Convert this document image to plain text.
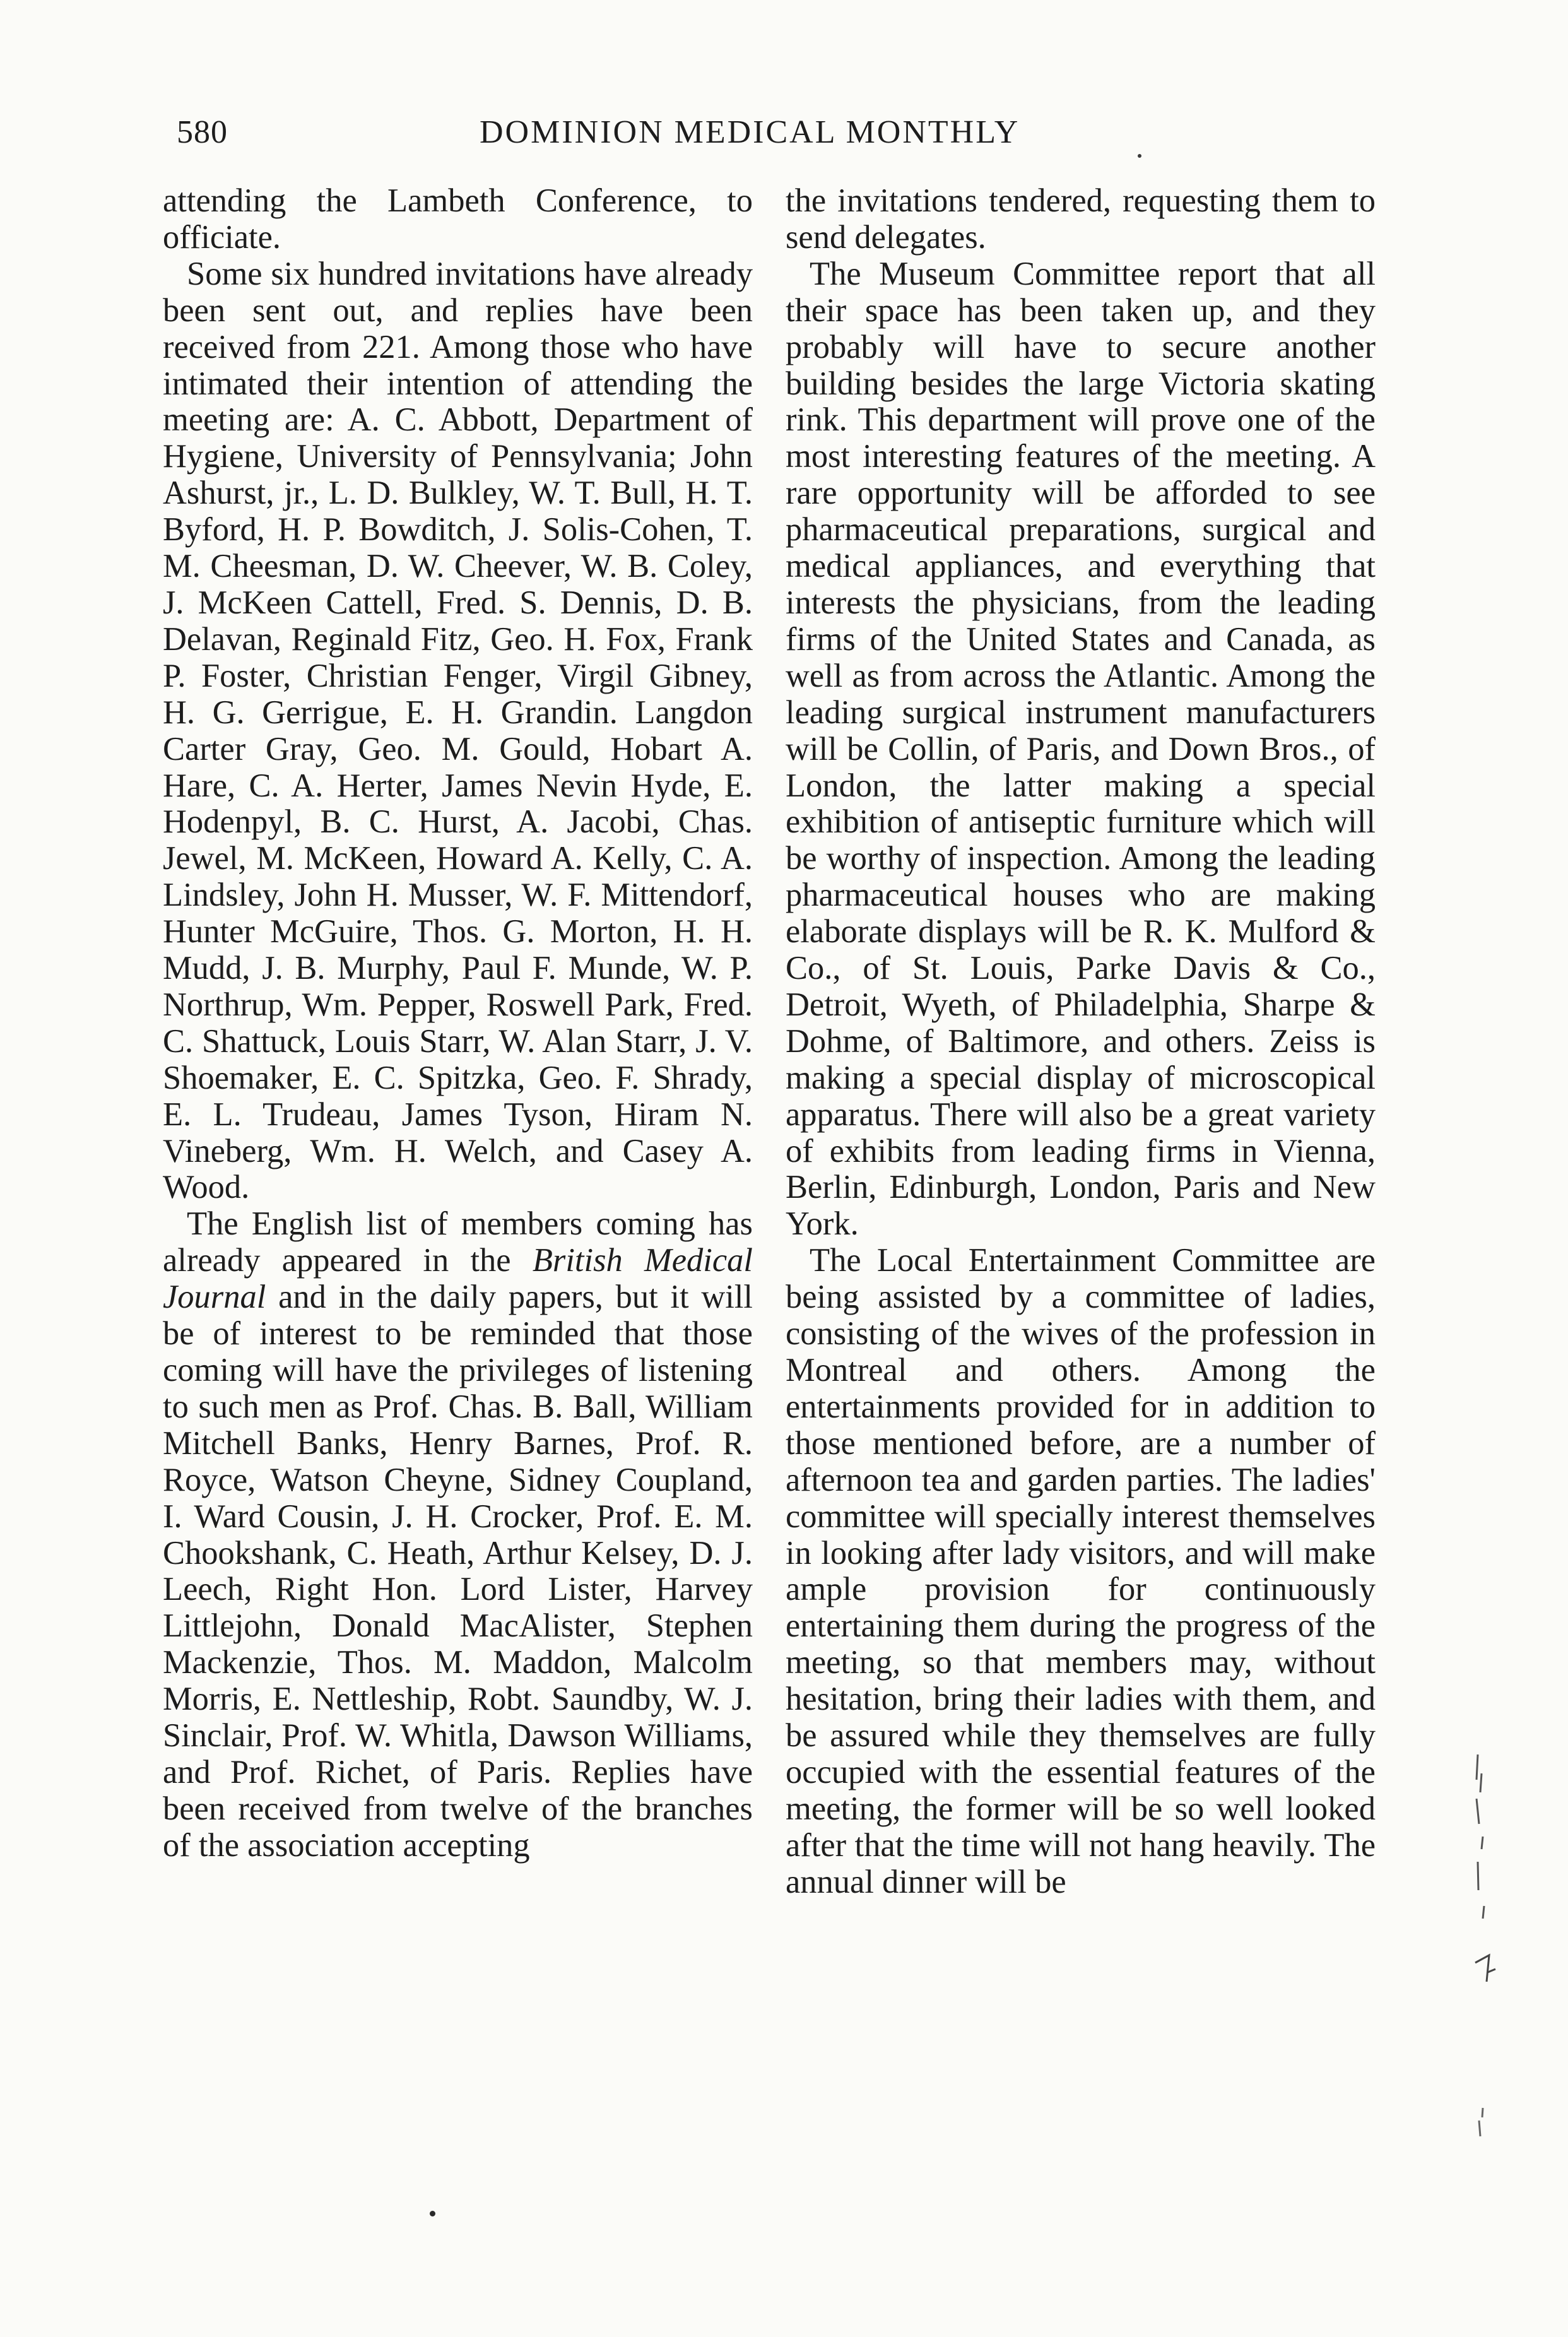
580	DOMINION MEDICAL MONTHLY

attending the Lambeth Conference, to officiate.

Some six hundred invitations have already been sent out, and replies have been received from 221. Among those who have intimated their intention of attending the meeting are: A. C. Abbott, Department of Hygiene, University of Pennsylvania; John Ashurst, jr., L. D. Bulkley, W. T. Bull, H. T. Byford, H. P. Bowditch, J. Solis-Cohen, T. M. Cheesman, D. W. Cheever, W. B. Coley, J. McKeen Cattell, Fred. S. Dennis, D. B. Delavan, Reginald Fitz, Geo. H. Fox, Frank P. Foster, Christian Fenger, Virgil Gibney, H. G. Gerrigue, E. H. Grandin. Langdon Carter Gray, Geo. M. Gould, Hobart A. Hare, C. A. Herter, James Nevin Hyde, E. Hodenpyl, B. C. Hurst, A. Jacobi, Chas. Jewel, M. McKeen, Howard A. Kelly, C. A. Lindsley, John H. Musser, W. F. Mittendorf, Hunter McGuire, Thos. G. Morton, H. H. Mudd, J. B. Murphy, Paul F. Munde, W. P. Northrup, Wm. Pepper, Roswell Park, Fred. C. Shattuck, Louis Starr, W. Alan Starr, J. V. Shoemaker, E. C. Spitzka, Geo. F. Shrady, E. L. Trudeau, James Tyson, Hiram N. Vineberg, Wm. H. Welch, and Casey A. Wood.

The English list of members coming has already appeared in the British Medical Journal and in the daily papers, but it will be of interest to be reminded that those coming will have the privileges of listening to such men as Prof. Chas. B. Ball, William Mitchell Banks, Henry Barnes, Prof. R. Royce, Watson Cheyne, Sidney Coupland, I. Ward Cousin, J. H. Crocker, Prof. E. M. Chookshank, C. Heath, Arthur Kelsey, D. J. Leech, Right Hon. Lord Lister, Harvey Littlejohn, Donald MacAlister, Stephen Mackenzie, Thos. M. Maddon, Malcolm Morris, E. Nettleship, Robt. Saundby, W. J. Sinclair, Prof. W. Whitla, Dawson Williams, and Prof. Richet, of Paris. Replies have been received from twelve of the branches of the association accepting

the invitations tendered, requesting them to send delegates.

The Museum Committee report that all their space has been taken up, and they probably will have to secure another building besides the large Victoria skating rink. This department will prove one of the most interesting features of the meeting. A rare opportunity will be afforded to see pharmaceutical preparations, surgical and medical appliances, and everything that interests the physicians, from the leading firms of the United States and Canada, as well as from across the Atlantic. Among the leading surgical instrument manufacturers will be Collin, of Paris, and Down Bros., of London, the latter making a special exhibition of antiseptic furniture which will be worthy of inspection. Among the leading pharmaceutical houses who are making elaborate displays will be R. K. Mulford & Co., of St. Louis, Parke Davis & Co., Detroit, Wyeth, of Philadelphia, Sharpe & Dohme, of Baltimore, and others. Zeiss is making a special display of microscopical apparatus. There will also be a great variety of exhibits from leading firms in Vienna, Berlin, Edinburgh, London, Paris and New York.

The Local Entertainment Committee are being assisted by a committee of ladies, consisting of the wives of the profession in Montreal and others. Among the entertainments provided for in addition to those mentioned before, are a number of afternoon tea and garden parties. The ladies' committee will specially interest themselves in looking after lady visitors, and will make ample provision for continuously entertaining them during the progress of the meeting, so that members may, without hesitation, bring their ladies with them, and be assured while they themselves are fully occupied with the essential features of the meeting, the former will be so well looked after that the time will not hang heavily. The annual dinner will be
